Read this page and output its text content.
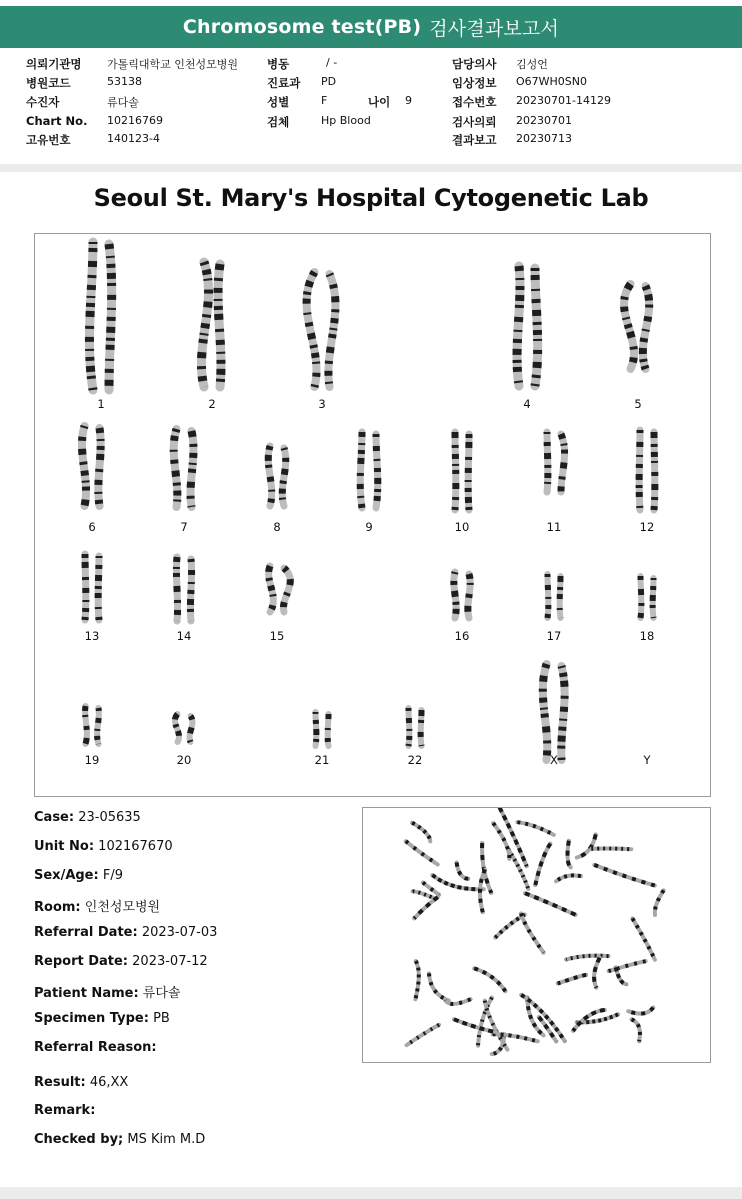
Chromosome test(PB) 검사결과보고서
의뢰기관명 가톨릭대학교 인천성모병원	병동	/ -	담당의사 김성언
병원코드	53138	진료과 PD	임상정보 O67WH0SN0
수진자	류다솔	성별	F	나이 9	접수번호 20230701-14129
Chart No. 10216769	검체	Hp Blood	검사의뢰 20230701
고유번호	140123-4	결과보고 20230713
Seoul St. Mary's Hospital Cytogenetic Lab
1	2	3	4	5
6	7	8	9	10	11	12
13	14	15	16	17	18
19	20	21	22	X	Y
Case: 23-05635
Unit No: 102167670
Sex/Age: F/9
Room: 인천성모병원
Referral Date: 2023-07-03
Report Date: 2023-07-12
Patient Name: 류다솔
Specimen Type: PB
Referral Reason:
Result: 46,XX
Remark:
Checked by; MS Kim M.D
